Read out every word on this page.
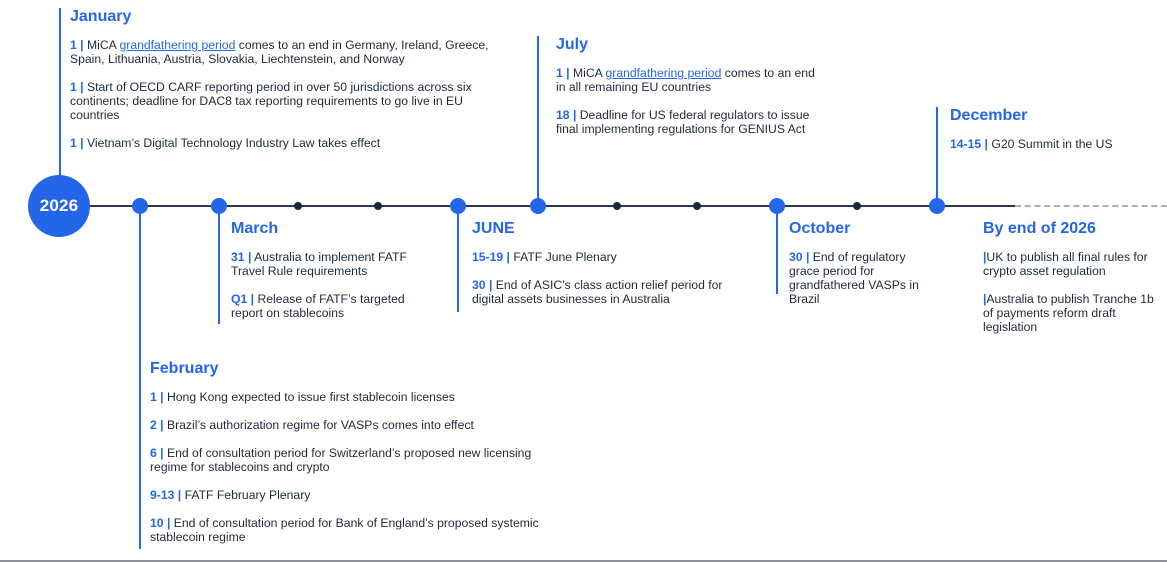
2026
January
1 | MiCA grandfathering period comes to an end in Germany, Ireland, Greece, Spain, Lithuania, Austria, Slovakia, Liechtenstein, and Norway
1 | Start of OECD CARF reporting period in over 50 jurisdictions across six continents; deadline for DAC8 tax reporting requirements to go live in EU countries
1 | Vietnam’s Digital Technology Industry Law takes effect
February
1 | Hong Kong expected to issue first stablecoin licenses
2 | Brazil’s authorization regime for VASPs comes into effect
6 | End of consultation period for Switzerland’s proposed new licensing regime for stablecoins and crypto
9-13 | FATF February Plenary
10 | End of consultation period for Bank of England’s proposed systemic stablecoin regime
March
31 | Australia to implement FATF Travel Rule requirements
Q1 | Release of FATF’s targeted report on stablecoins
JUNE
15-19 | FATF June Plenary
30 | End of ASIC’s class action relief period for digital assets businesses in Australia
July
1 | MiCA grandfathering period comes to an end in all remaining EU countries
18 | Deadline for US federal regulators to issue final implementing regulations for GENIUS Act
October
30 | End of regulatory grace period for grandfathered VASPs in Brazil
December
14-15 | G20 Summit in the US
By end of 2026
|UK to publish all final rules for crypto asset regulation
|Australia to publish Tranche 1b of payments reform draft legislation
